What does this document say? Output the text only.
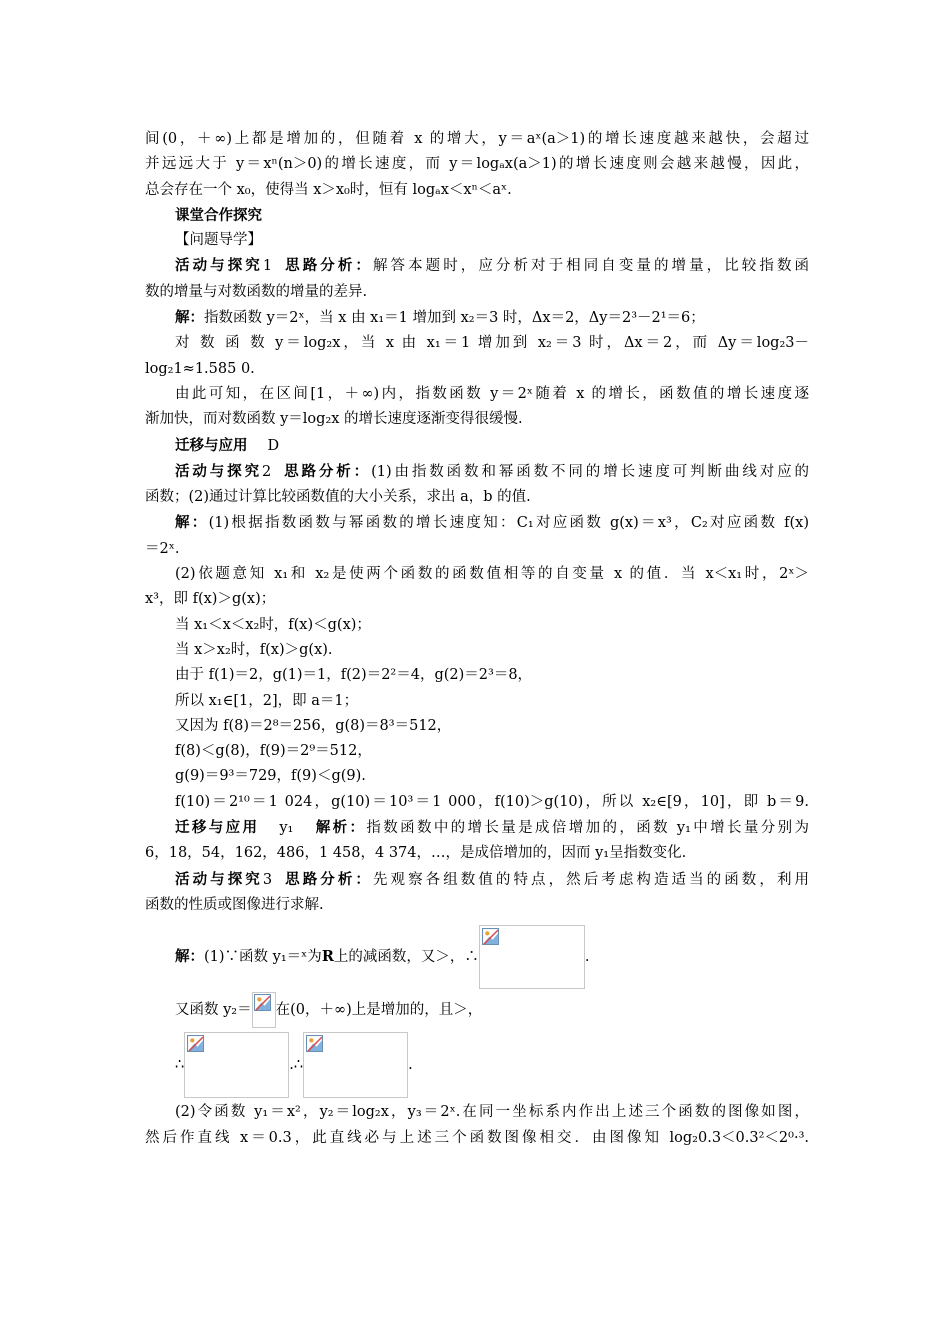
间(0，＋∞)上都是增加的，但随着 x 的增大，y＝aˣ(a＞1)的增长速度越来越快，会超过

并远远大于 y＝xⁿ(n＞0)的增长速度，而 y＝logₐx(a＞1)的增长速度则会越来越慢，因此，

总会存在一个 x₀，使得当 x＞x₀时，恒有 logₐx＜xⁿ＜aˣ.

课堂合作探究

【问题导学】

活动与探究1 思路分析：解答本题时，应分析对于相同自变量的增量，比较指数函

数的增量与对数函数的增量的差异.

解：指数函数 y＝2ˣ，当 x 由 x₁＝1 增加到 x₂＝3 时，Δx＝2，Δy＝2³－2¹＝6；

对 数 函 数 y＝log₂x，当 x 由 x₁＝1 增加到 x₂＝3 时，Δx＝2，而 Δy＝log₂3－

log₂1≈1.585 0.

由此可知，在区间[1，＋∞)内，指数函数 y＝2ˣ随着 x 的增长，函数值的增长速度逐

渐加快，而对数函数 y＝log₂x 的增长速度逐渐变得很缓慢.

迁移与应用 D

活动与探究2 思路分析：(1)由指数函数和幂函数不同的增长速度可判断曲线对应的

函数；(2)通过计算比较函数值的大小关系，求出 a，b 的值.

解：(1)根据指数函数与幂函数的增长速度知：C₁对应函数 g(x)＝x³，C₂对应函数 f(x)

＝2ˣ.

(2)依题意知 x₁和 x₂是使两个函数的函数值相等的自变量 x 的值．当 x＜x₁时，2ˣ＞

x³，即 f(x)＞g(x)；

当 x₁＜x＜x₂时，f(x)＜g(x)；

当 x＞x₂时，f(x)＞g(x).

由于 f(1)＝2，g(1)＝1，f(2)＝2²＝4，g(2)＝2³＝8，

所以 x₁∈[1，2]，即 a＝1；

又因为 f(8)＝2⁸＝256，g(8)＝8³＝512，

f(8)＜g(8)，f(9)＝2⁹＝512，

g(9)＝9³＝729，f(9)＜g(9).

f(10)＝2¹⁰＝1 024，g(10)＝10³＝1 000，f(10)＞g(10)，所以 x₂∈[9，10]，即 b＝9.

迁移与应用 y₁ 解析：指数函数中的增长量是成倍增加的，函数 y₁中增长量分别为

6，18，54，162，486，1 458，4 374，…，是成倍增加的，因而 y₁呈指数变化.

活动与探究3 思路分析：先观察各组数值的特点，然后考虑构造适当的函数，利用

函数的性质或图像进行求解.

解：(1)∵函数 y₁＝ˣ为R上的减函数，又＞，∴	.

又函数 y₂＝ 在(0，＋∞)上是增加的，且＞，

∴	.∴	.

(2)令函数 y₁＝x²，y₂＝log₂x，y₃＝2ˣ.在同一坐标系内作出上述三个函数的图像如图，

然后作直线 x＝0.3，此直线必与上述三个函数图像相交．由图像知 log₂0.3＜0.3²＜2⁰·³.
